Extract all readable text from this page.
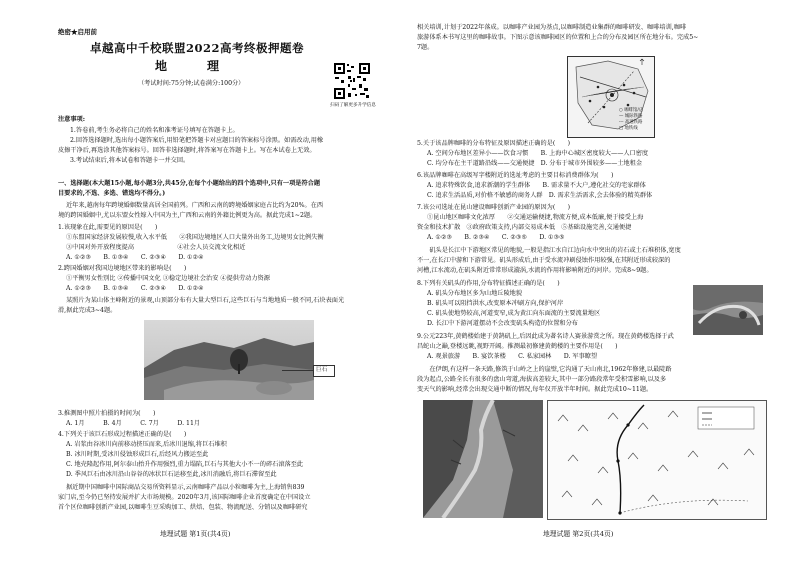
绝密★启用前
卓越高中千校联盟2022高考终极押题卷
地　理
（考试时间:75分钟;试卷满分:100分）
扫码了解更多升学信息
注意事项:
1.答卷前,考生务必将自己的姓名和准考证号填写在答题卡上。
2.回答选择题时,选出每小题答案后,用铅笔把答题卡对应题目的答案标号涂黑。如需改动,用橡
皮擦干净后,再选涂其他答案标号。回答非选择题时,将答案写在答题卡上。写在本试卷上无效。
3.考试结束后,将本试卷和答题卡一并交回。
一、选择题(本大题15小题,每小题3分,共45分,在每个小题给出的四个选项中,只有一项是符合题
目要求的,不选、多选、错选均不得分。)
近年来,越南每年跨境婚姻数量高居全国前列。广西和云南的跨境婚姻家庭占比约为20%。在西
境的跨国婚姻中,尤以东盟女性嫁入中国为主,广西和云南的外籍比例更为高。据此完成1~2题。
1.该现象在此,需要见的原因是(　　)
①东盟国家经济发展较慢,收入水平低　　②我国边境地区人口大量外出务工,边境男女比例失衡
③中国对外开放程度提高　　　　　　　④社会人员交流文化相近
A. ①②③　　B. ①③④　　C. ②③④　　D. ①②④
2.跨国婚姻对我国边境地区带来的影响是(　　)
①平衡男女性别比 ②传播中国文化 ③稳定边境社会治安 ④提供劳动力资源
A. ①②③　　B. ①③④　　C. ②③④　　D. ①②④
某照片为某山体主峰附近的景观,山顶部分布有大量大型巨石,这些巨石与当地地质一般不同,石块表面光
滑,据此完成3~4题。
巨石
3.推测图中照片拍摄的时间为(　　)
A. 1月　　　B. 4月　　　C. 7月　　　D. 11月
4.下列关于该巨石形成过程描述正确的是(　　)
A. 岩浆由谷冰川向前移动挤压而来,后冰川退缩,将巨石堆积
B. 冰川时期,受冰川侵蚀形成巨石,后经风力搬运至此
C. 地壳隆起作用,阿尔泰山抬升作用强烈,重力塌陷,巨石与其他大小不一的碎石滚落至此
D. 季风巨石由冰川沿山谷谷的冰状巨石运移至此,冰川消融后,将巨石滞留至此
据近期中国咖啡中国际商品交易所资料显示,云南咖啡产品以小粒咖啡为主,上海销售839
家门店,至今仍已坚持发展并扩大市场规模。2020年3月,该国际咖啡企业首度确定在中国设立
首个区位咖啡创新产业园,以咖啡生豆采购加工、烘焙、包装、物流配送、分销以及咖啡研究
地理试题 第1页(共4页)
相关培训,计划于2022年落成。以咖啡产业园为基点,以咖啡制造业集群的咖啡研发、咖啡培训,咖啡
旅游体系本书写这里的咖啡故事。下图示意该咖啡园区的位置和上合的分布及园区所在地分布。完成5~
7题。
○ 咖啡馆/店
— 城际铁路
--- 高速铁路
□ 地铁线
5.关于该品牌咖啡的分布特征及原因描述正确的是(　　)
A. 空间分布地区差异小——饮食习惯　　B. 上海中心城区密度较大——人口密度
C. 均分布在主干道路沿线——交通便捷　D. 分布于城市外围较多——土地租金
6.该品牌咖啡在高级写字楼附近的选址考虑的主要目标消费群体为(　　)
A. 追求特殊饮食,追求新潮的学生群体　　B. 需求量不大户,遵化社交的宅家群体
C. 追求生活品质,对价格不敏感的商务人群　D. 需求生活需求,会去体验的精英群体
7.该公司选址在昆山建设咖啡创新产业园的原因为(　　)
①昆山地区咖啡文化浓厚　　②交通运输便捷,物流方便,成本低廉,便于接受上海
资金和技术扩散　③政府政策支持,内部交易成本低　⑤基础设施完善,交通便捷
A. ①②③　　B. ②③④　　C. ②③⑤　　D. ①③⑤
　　矶头是长江中下游地区常见的地貌,一般是指江水自江边向水中突出的岩石或土石堆积体,宽度
不一,在长江中游和下游常见。矶头形成后,由于受水流冲刷侵蚀作用较强,在其附近形成较深的
河槽,江水流动,在矶头附近常常形成漩涡,水流的作用将影响附近的河岸。完成8~9题。
8.下列有关矶头的作用,分布特征描述正确的是(　　)
A. 矶头分布地区多为山地丘陵地貌
B. 矶头可以阻挡洪水,改变原本冲刷方向,保护河岸
C. 矶头使地势较高,河道变窄,成为黄江向东面流的主要流量地区
D. 长江中下游河道摆动不会改变矶头构造的位置和分布
9.公元223年,黄鹤楼始建于黄鹄矶上,后因此成为著名诗人赛景游赏之所。现在黄鹤楼选择于武
昌蛇山之巅,登楼远眺,视野开阔。推测最初修建黄鹤楼的主要作用是(　　)
A. 观景旅游　　B. 宴饮茶楼　　C. 私家园林　　D. 军事瞭望
　　在伊朗,有这样一条天路,修筑于山岭之上的崖壁,它沟通了天山南北,1962年修建,以最陡路
段为起点,公路全长有很多的盘山弯道,海拔高差较大,其中一部分路段常年受积雪影响,以及多
变天气的影响,经常会出现交通中断的情况,每年仅开放半年时间。据此完成10~11题。
地理试题 第2页(共4页)
